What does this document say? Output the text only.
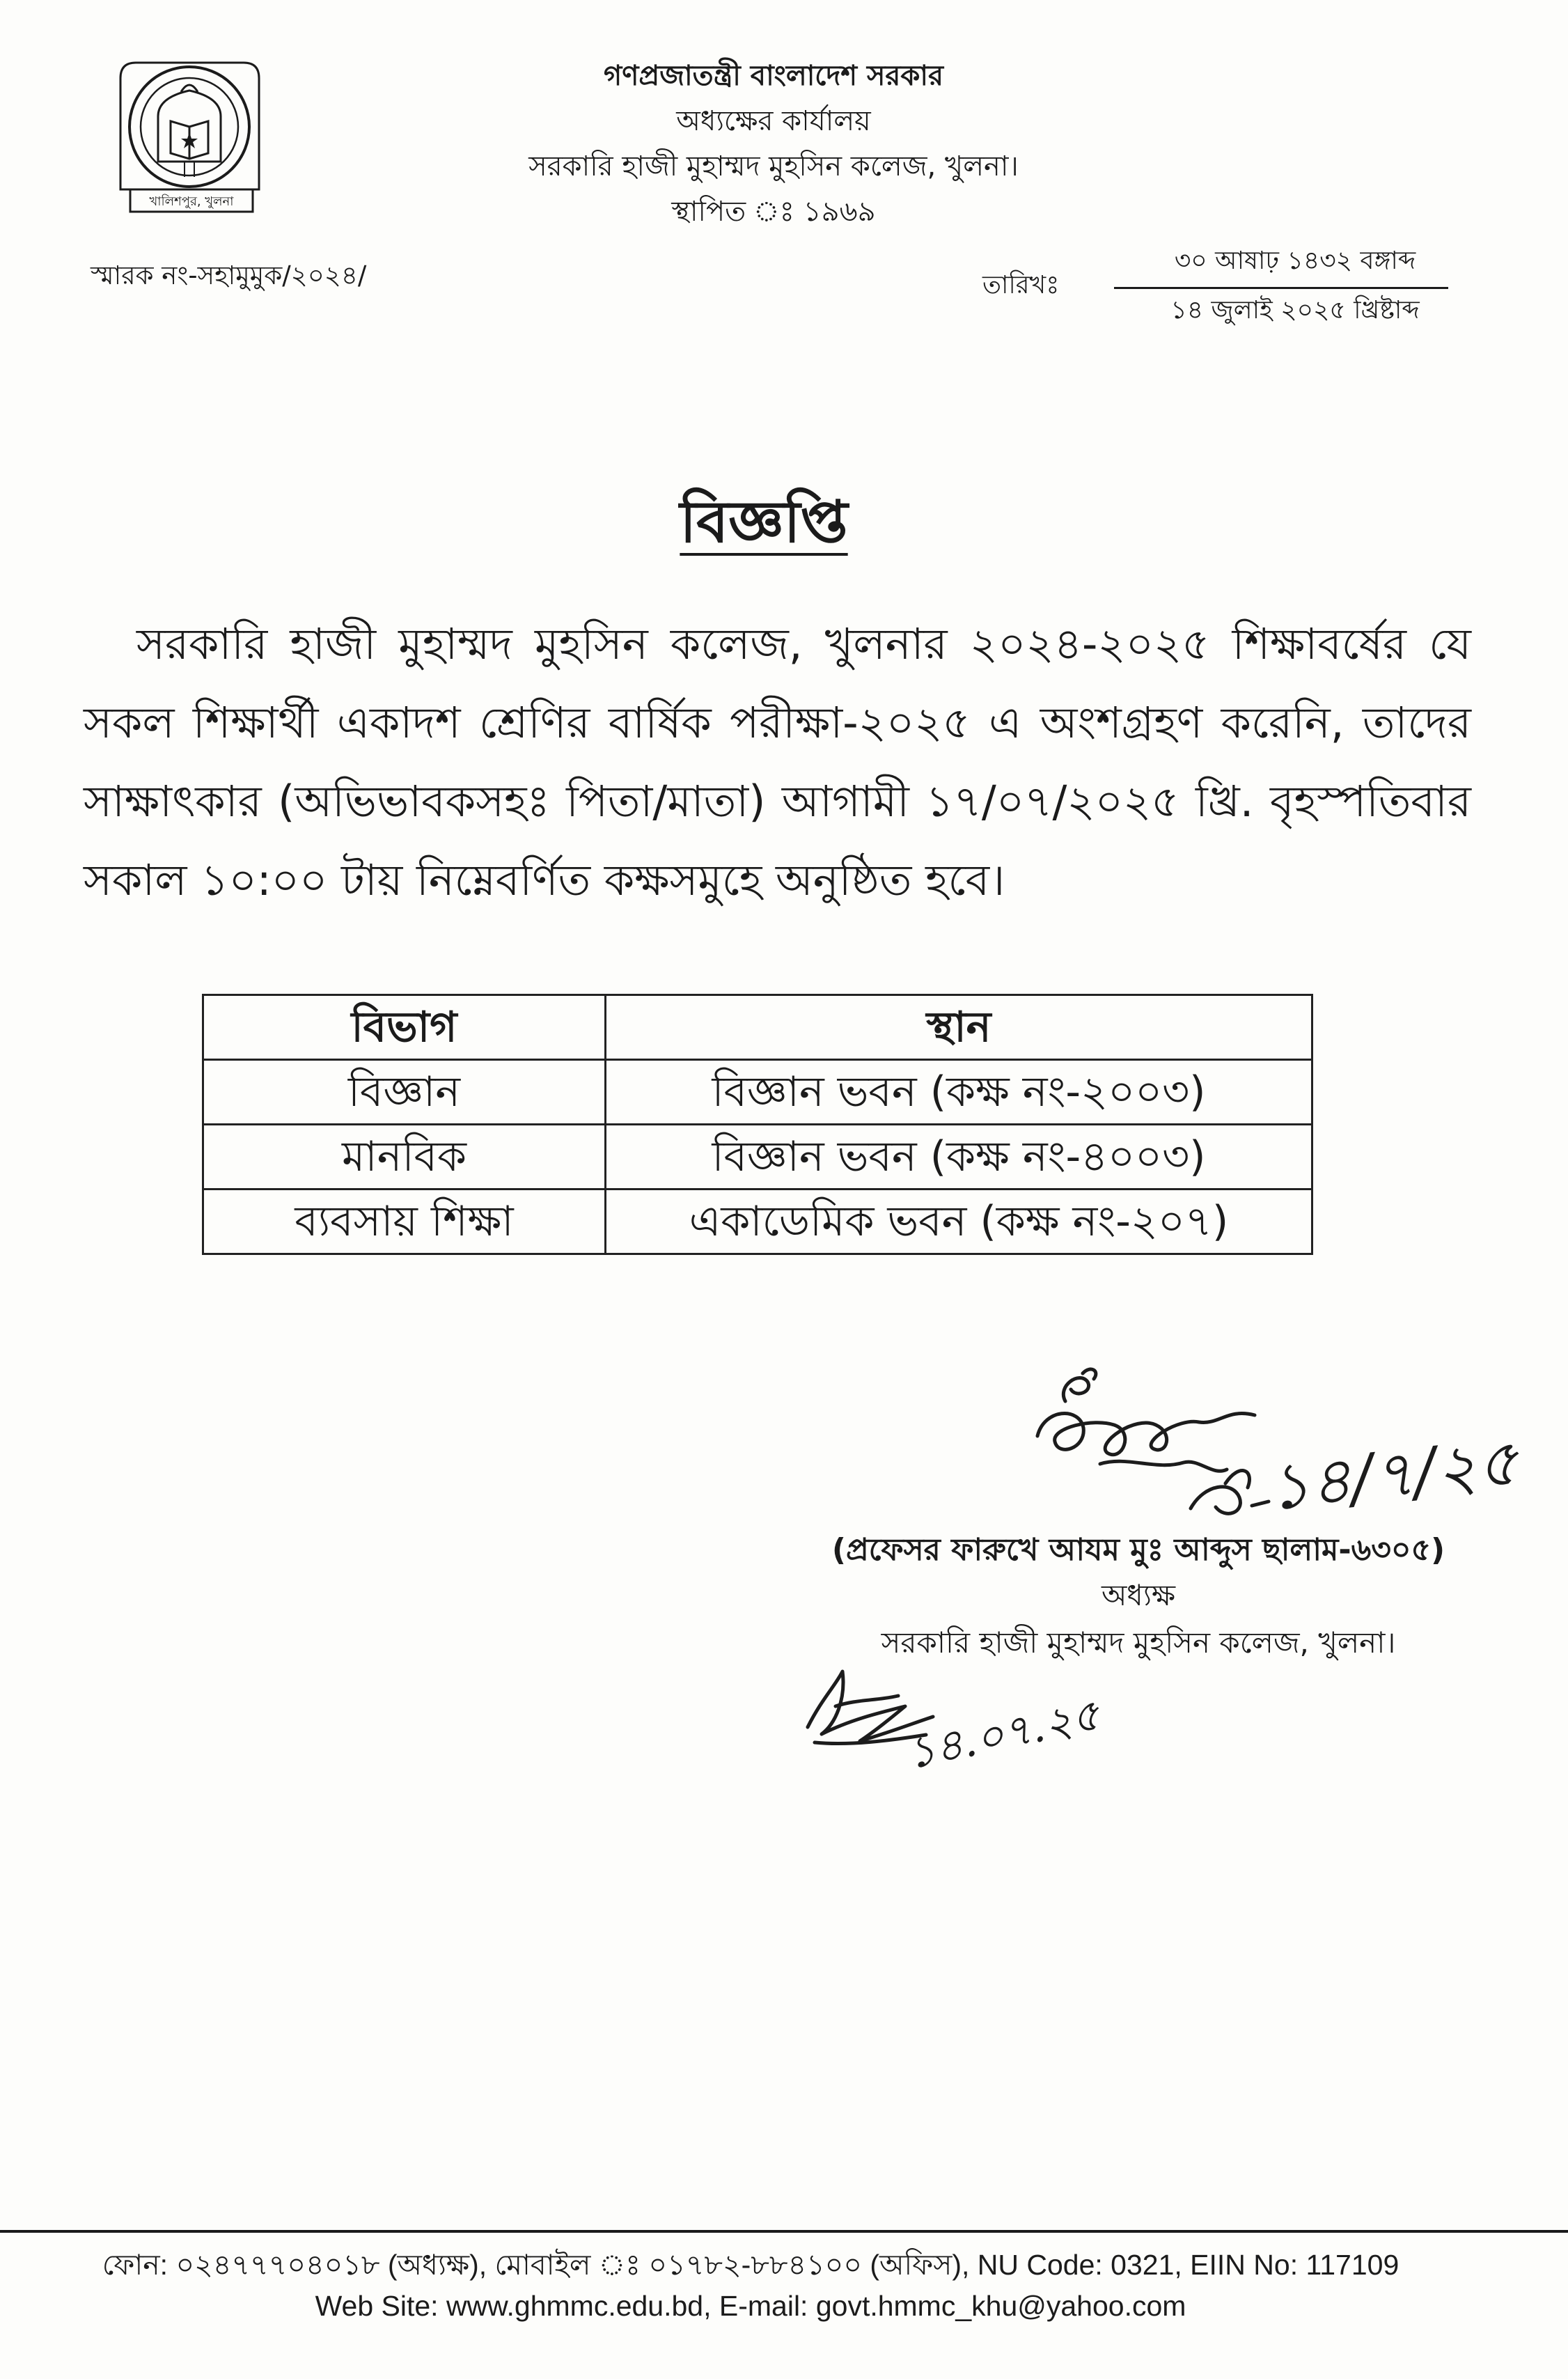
খালিশপুর, খুলনা
গণপ্রজাতন্ত্রী বাংলাদেশ সরকার
অধ্যক্ষের কার্যালয়
সরকারি হাজী মুহাম্মদ মুহসিন কলেজ, খুলনা।
স্থাপিত ঃ ১৯৬৯
স্মারক নং-সহামুমুক/২০২৪/	তারিখঃ
৩০ আষাঢ় ১৪৩২ বঙ্গাব্দ
১৪ জুলাই ২০২৫ খ্রিষ্টাব্দ
বিজ্ঞপ্তি
সরকারি হাজী মুহাম্মদ মুহসিন কলেজ, খুলনার ২০২৪-২০২৫ শিক্ষাবর্ষের যে
সকল শিক্ষার্থী একাদশ শ্রেণির বার্ষিক পরীক্ষা-২০২৫ এ অংশগ্রহণ করেনি, তাদের
সাক্ষাৎকার (অভিভাবকসহঃ পিতা/মাতা) আগামী ১৭/০৭/২০২৫ খ্রি. বৃহস্পতিবার
সকাল ১০:০০ টায় নিম্নেবর্ণিত কক্ষসমুহে অনুষ্ঠিত হবে।
বিভাগ	স্থান
বিজ্ঞান	বিজ্ঞান ভবন (কক্ষ নং-২০০৩)
মানবিক	বিজ্ঞান ভবন (কক্ষ নং-৪০০৩)
ব্যবসায় শিক্ষা	একাডেমিক ভবন (কক্ষ নং-২০৭)
১৪/৭/২৫
(প্রফেসর ফারুখে আযম মুঃ আব্দুস ছালাম-৬৩০৫)
অধ্যক্ষ
সরকারি হাজী মুহাম্মদ মুহসিন কলেজ, খুলনা।
১৪.০৭.২৫
ফোন: ০২৪৭৭৭০৪০১৮ (অধ্যক্ষ), মোবাইল ঃ ০১৭৮২-৮৮৪১০০ (অফিস), NU Code: 0321, EIIN No: 117109
Web Site: www.ghmmc.edu.bd, E-mail: govt.hmmc_khu@yahoo.com
